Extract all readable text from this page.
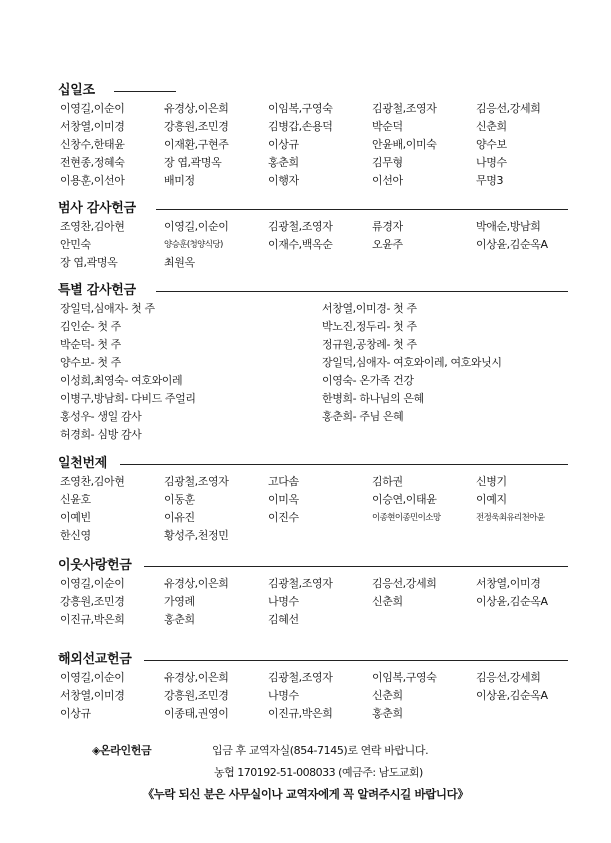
십일조
이영길,이순이	유경상,이은희	이임복,구영숙	김광철,조영자	김응선,강세희
서창열,이미경	강흥원,조민경	김병갑,손용덕	박순덕	신춘희
신창수,한태윤	이재환,구현주	이상규	안윤배,이미숙	양수보
전현종,정혜숙	장 엽,곽명옥	홍춘희	김무형	나명수
이용훈,이선아	배미정	이행자	이선아	무명3
범사 감사헌금
조영찬,김아현	이영길,이순이	김광철,조영자	류경자	박애순,방남희
안민숙	양승훈(청양식당)	이재수,백옥순	오윤주	이상윤,김순옥A
장 엽,곽명옥	최원옥
특별 감사헌금
장일덕,심애자- 첫 주	서창열,이미경- 첫 주
김인순- 첫 주	박노진,정두리- 첫 주
박순덕- 첫 주	정규원,공창례- 첫 주
양수보- 첫 주	장일덕,심애자- 여호와이레, 여호와닛시
이성희,최영숙- 여호와이레	이영숙- 온가족 건강
이병구,방남희- 다비드 주얼리	한병희- 하나님의 은혜
홍성우- 생일 감사	홍춘희- 주님 은혜
허경희- 심방 감사
일천번제
조영찬,김아현	김광철,조영자	고다솜	김하권	신병기
신윤호	이동훈	이미옥	이승연,이태윤	이예지
이예빈	이유진	이진수	이종현이종민이소망	전정욱최유리천아윤
한신영	황성주,천정민
이웃사랑헌금
이영길,이순이	유경상,이은희	김광철,조영자	김응선,강세희	서창열,이미경
강흥원,조민경	가영례	나명수	신춘희	이상윤,김순옥A
이진규,박은희	홍춘희	김혜선
해외선교헌금
이영길,이순이	유경상,이은희	김광철,조영자	이임복,구영숙	김응선,강세희
서창열,이미경	강흥원,조민경	나명수	신춘희	이상윤,김순옥A
이상규	이종태,권영이	이진규,박은희	홍춘희
◈온라인헌금	입금 후 교역자실(854-7145)로 연락 바랍니다.
농협 170192-51-008033 (예금주: 남도교회)
《누락 되신 분은 사무실이나 교역자에게 꼭 알려주시길 바랍니다》
